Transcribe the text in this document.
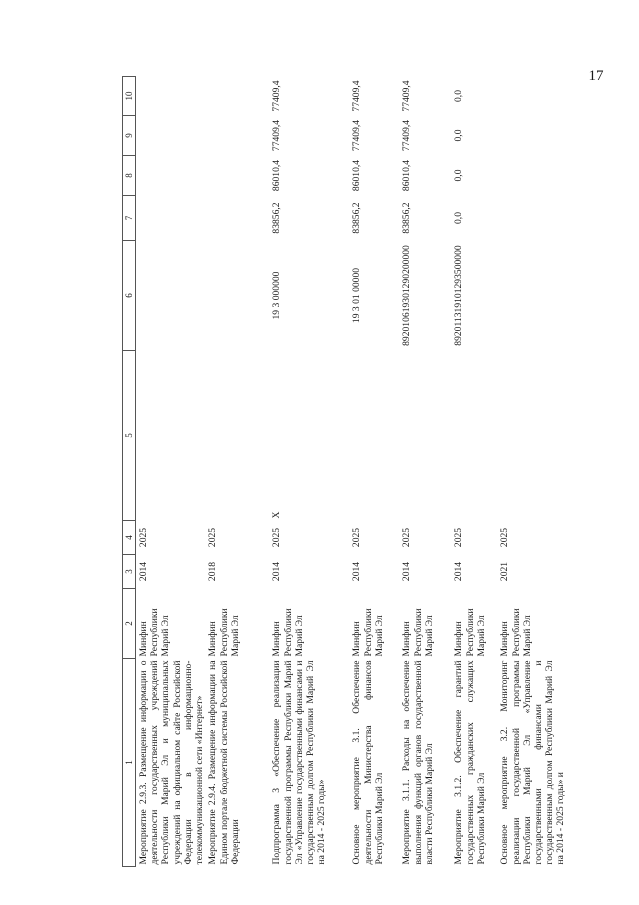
17
1	2	3	4	5	6	7	8	9	10
Мероприятие 2.9.3. Размещение информации о деятельности государственных учреждений Республики Марий Эл и муниципальных учреждений на официальном сайте Российской Федерации в информационно-телекоммуникационной сети «Интернет»	Минфин Республики Марий Эл	2014	2025						
Мероприятие 2.9.4. Размещение информации на Едином портале бюджетной системы Российской Федерации	Минфин Республики Марий Эл	2018	2025						
Подпрограмма 3 «Обеспечение реализации государственной программы Республики Марий Эл «Управление государственными финансами и государственным долгом Республики Марий Эл на 2014 - 2025 годы»	Минфин Республики Марий Эл	2014	2025	Х	19 3 000000	83856,2	86010,4	77409,4	77409,4
Основное мероприятие 3.1. Обеспечение деятельности Министерства финансов Республики Марий Эл	Минфин Республики Марий Эл	2014	2025		19 3 01 00000	83856,2	86010,4	77409,4	77409,4
Мероприятие 3.1.1. Расходы на обеспечение выполнения функций органов государственной власти Республики Марий Эл	Минфин Республики Марий Эл	2014	2025		892010619301290200000	83856,2	86010,4	77409,4	77409,4
Мероприятие 3.1.2. Обеспечение гарантий государственных гражданских служащих Республики Марий Эл	Минфин Республики Марий Эл	2014	2025		892011319101293500000	0,0	0,0	0,0	0,0
Основное мероприятие 3.2. Мониторинг реализации государственной программы Республики Марий Эл «Управление государственными финансами и государственным долгом Республики Марий Эл на 2014 - 2025 годы» и	Минфин Республики Марий Эл	2021	2025						
